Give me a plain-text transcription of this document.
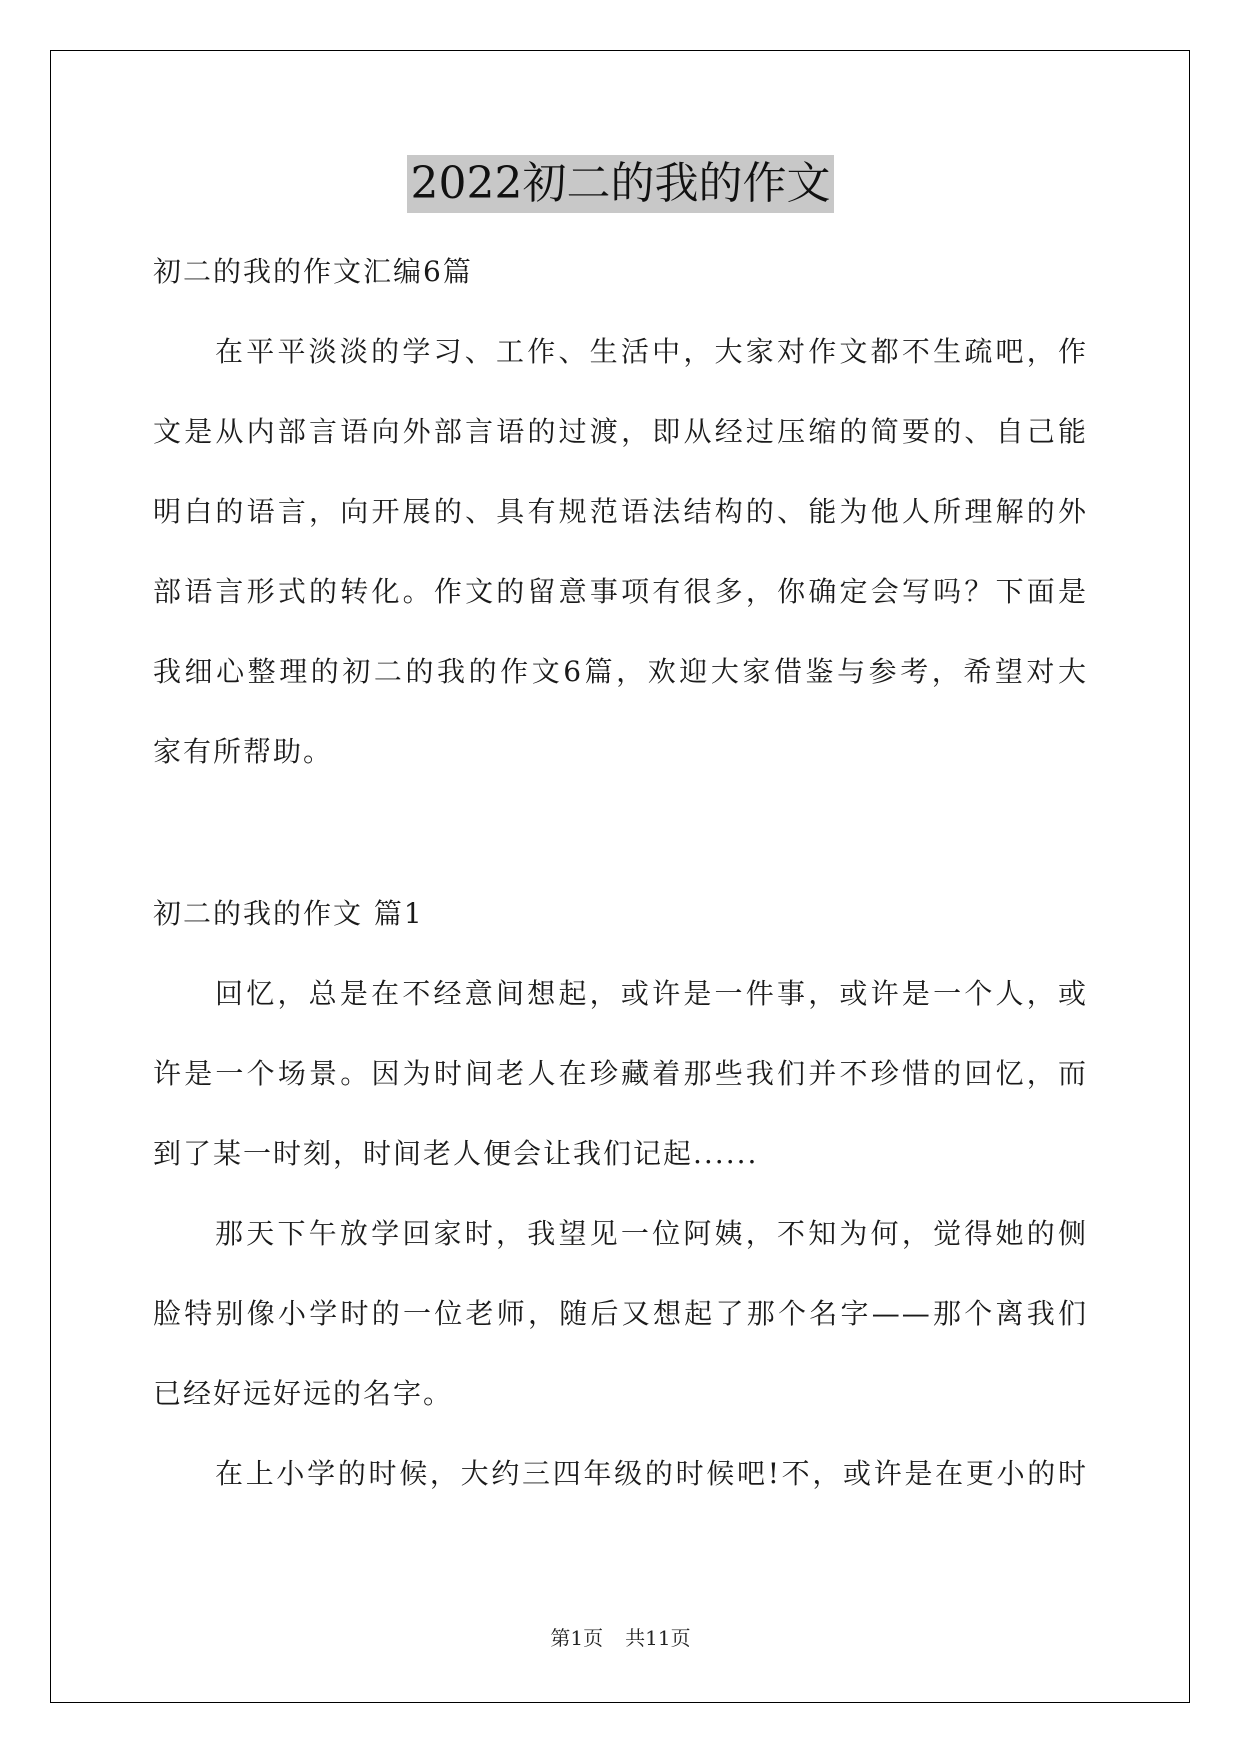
2022初二的我的作文
初二的我的作文汇编6篇
在平平淡淡的学习、工作、生活中，大家对作文都不生疏吧，作
文是从内部言语向外部言语的过渡，即从经过压缩的简要的、自己能
明白的语言，向开展的、具有规范语法结构的、能为他人所理解的外
部语言形式的转化。作文的留意事项有很多，你确定会写吗？下面是
我细心整理的初二的我的作文6篇，欢迎大家借鉴与参考，希望对大
家有所帮助。
初二的我的作文 篇1
回忆，总是在不经意间想起，或许是一件事，或许是一个人，或
许是一个场景。因为时间老人在珍藏着那些我们并不珍惜的回忆，而
到了某一时刻，时间老人便会让我们记起......
那天下午放学回家时，我望见一位阿姨，不知为何，觉得她的侧
脸特别像小学时的一位老师，随后又想起了那个名字——那个离我们
已经好远好远的名字。
在上小学的时候，大约三四年级的时候吧!不，或许是在更小的时
第1页 共11页
